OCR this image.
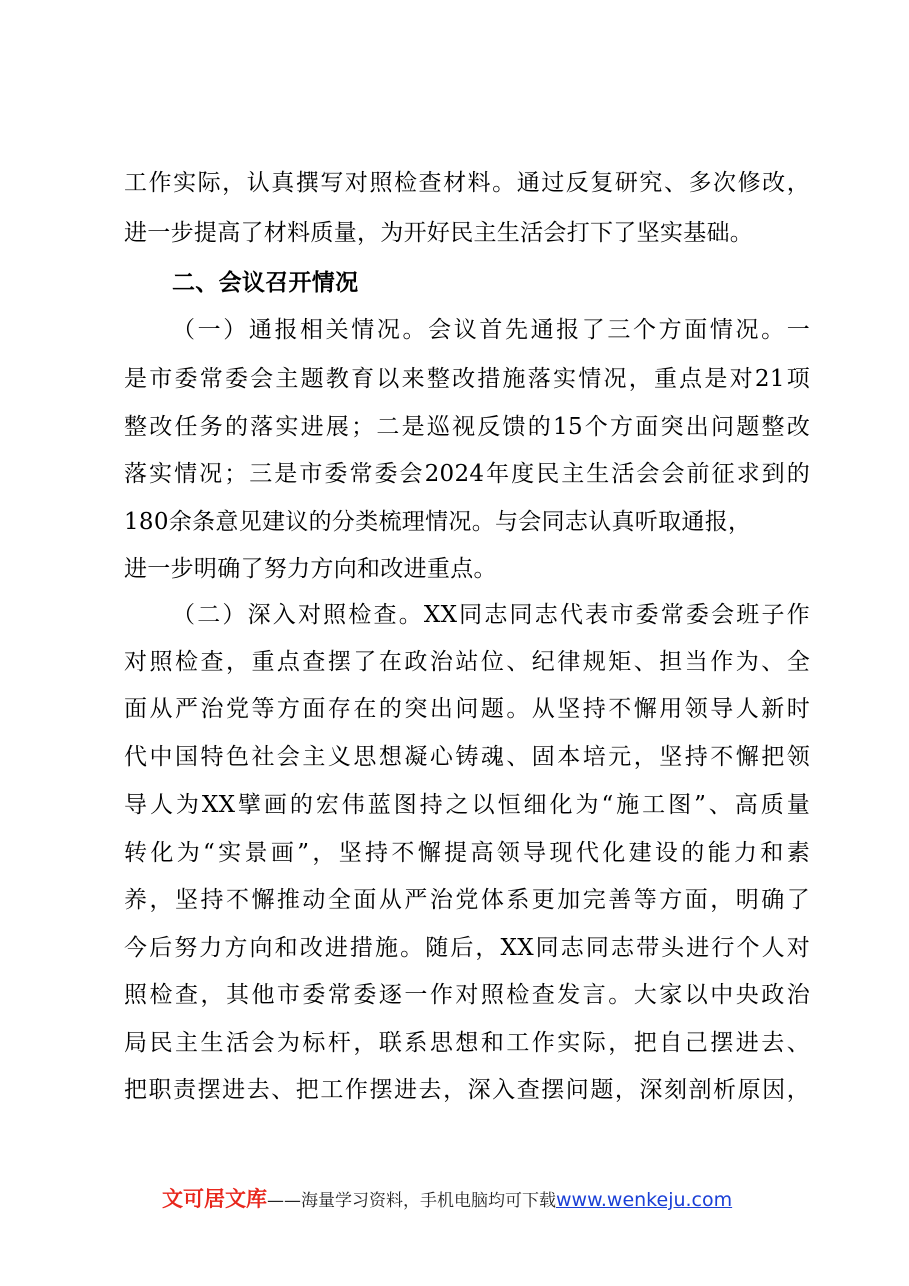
工作实际，认真撰写对照检查材料。通过反复研究、多次修改，
进一步提高了材料质量，为开好民主生活会打下了坚实基础。
二、会议召开情况
（一）通报相关情况。会议首先通报了三个方面情况。一
是市委常委会主题教育以来整改措施落实情况，重点是对21项
整改任务的落实进展；二是巡视反馈的15个方面突出问题整改
落实情况；三是市委常委会2024年度民主生活会会前征求到的
180余条意见建议的分类梳理情况。与会同志认真听取通报，
进一步明确了努力方向和改进重点。
（二）深入对照检查。XX同志同志代表市委常委会班子作
对照检查，重点查摆了在政治站位、纪律规矩、担当作为、全
面从严治党等方面存在的突出问题。从坚持不懈用领导人新时
代中国特色社会主义思想凝心铸魂、固本培元，坚持不懈把领
导人为XX擘画的宏伟蓝图持之以恒细化为“施工图”、高质量
转化为“实景画”，坚持不懈提高领导现代化建设的能力和素
养，坚持不懈推动全面从严治党体系更加完善等方面，明确了
今后努力方向和改进措施。随后，XX同志同志带头进行个人对
照检查，其他市委常委逐一作对照检查发言。大家以中央政治
局民主生活会为标杆，联系思想和工作实际，把自己摆进去、
把职责摆进去、把工作摆进去，深入查摆问题，深刻剖析原因，
文可居文库——海量学习资料，手机电脑均可下载www.wenkeju.com
